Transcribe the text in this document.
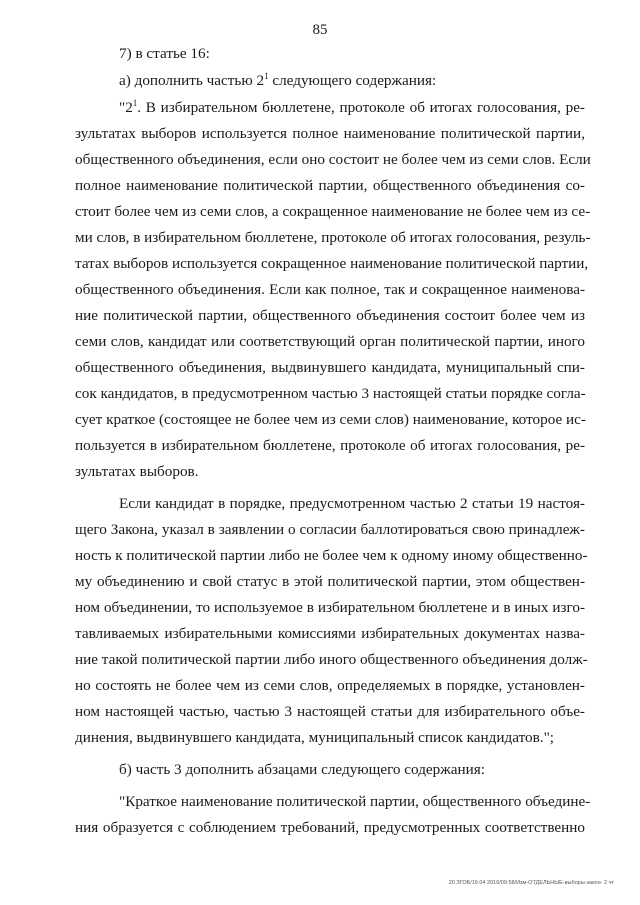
85
7) в статье 16:
а) дополнить частью $2^1$ следующего содержания:
"$2^1$. В избирательном бюллетене, протоколе об итогах голосования, ре-
зультатах выборов используется полное наименование политической партии,
общественного объединения, если оно состоит не более чем из семи слов. Если
полное наименование политической партии, общественного объединения со-
стоит более чем из семи слов, а сокращенное наименование не более чем из се-
ми слов, в избирательном бюллетене, протоколе об итогах голосования, резуль-
татах выборов используется сокращенное наименование политической партии,
общественного объединения. Если как полное, так и сокращенное наименова-
ние политической партии, общественного объединения состоит более чем из
семи слов, кандидат или соответствующий орган политической партии, иного
общественного объединения, выдвинувшего кандидата, муниципальный спи-
сок кандидатов, в предусмотренном частью 3 настоящей статьи порядке согла-
сует краткое (состоящее не более чем из семи слов) наименование, которое ис-
пользуется в избирательном бюллетене, протоколе об итогах голосования, ре-
зультатах выборов.
Если кандидат в порядке, предусмотренном частью 2 статьи 19 настоя-
щего Закона, указал в заявлении о согласии баллотироваться свою принадлеж-
ность к политической партии либо не более чем к одному иному общественно-
му объединению и свой статус в этой политической партии, этом обществен-
ном объединении, то используемое в избирательном бюллетене и в иных изго-
тавливаемых избирательными комиссиями избирательных документах назва-
ние такой политической партии либо иного общественного объединения долж-
но состоять не более чем из семи слов, определяемых в порядке, установлен-
ном настоящей частью, частью 3 настоящей статьи для избирательного объе-
динения, выдвинувшего кандидата, муниципальный список кандидатов.";
б) часть 3 дополнить абзацами следующего содержания:
"Краткое наименование политической партии, общественного объедине-
ния образуется с соблюдением требований, предусмотренных соответственно
20 ЗГОБ/19.04 2016/09:58/Изм-ОТДЕЛЬНЫЕ-выборы-закон- 2 чт
